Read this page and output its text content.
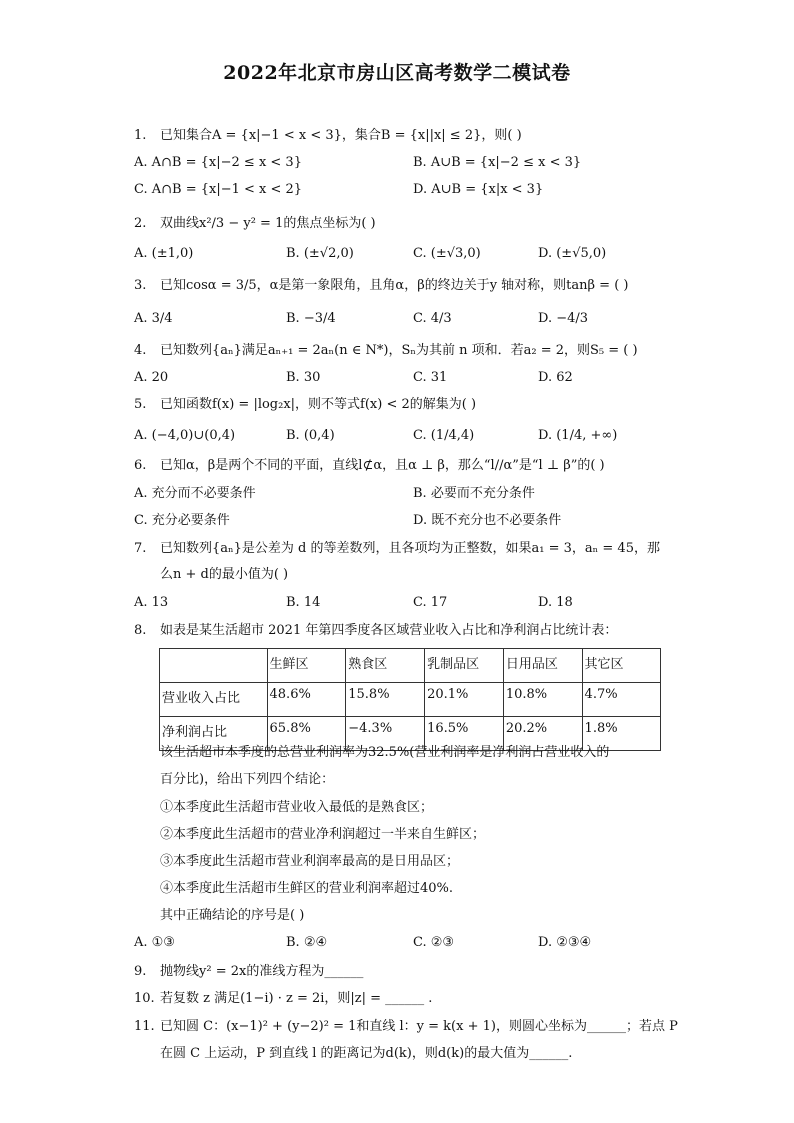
2022年北京市房山区高考数学二模试卷
1. 已知集合A = {x|−1 < x < 3}，集合B = {x||x| ≤ 2}，则( )
A. A∩B = {x|−2 ≤ x < 3}	B. A∪B = {x|−2 ≤ x < 3}
C. A∩B = {x|−1 < x < 2}	D. A∪B = {x|x < 3}
2. 双曲线x²/3 − y² = 1的焦点坐标为( )
A. (±1,0)	B. (±√2,0)	C. (±√3,0)	D. (±√5,0)
3. 已知cosα = 3/5，α是第一象限角，且角α，β的终边关于y 轴对称，则tanβ = ( )
A. 3/4	B. −3/4	C. 4/3	D. −4/3
4. 已知数列{aₙ}满足aₙ₊₁ = 2aₙ(n ∈ N*)，Sₙ为其前 n 项和．若a₂ = 2，则S₅ = ( )
A. 20	B. 30	C. 31	D. 62
5. 已知函数f(x) = |log₂x|，则不等式f(x) < 2的解集为( )
A. (−4,0)∪(0,4)	B. (0,4)	C. (1/4,4)	D. (1/4, +∞)
6. 已知α，β是两个不同的平面，直线l⊄α，且α ⊥ β，那么“l//α”是“l ⊥ β”的( )
A. 充分而不必要条件	B. 必要而不充分条件
C. 充分必要条件	D. 既不充分也不必要条件
7. 已知数列{aₙ}是公差为 d 的等差数列，且各项均为正整数，如果a₁ = 3，aₙ = 45，那
么n + d的最小值为( )
A. 13	B. 14	C. 17	D. 18
8. 如表是某生活超市 2021 年第四季度各区域营业收入占比和净利润占比统计表：
	生鲜区	熟食区	乳制品区	日用品区	其它区
营业收入占比	48.6%	15.8%	20.1%	10.8%	4.7%
净利润占比	65.8%	−4.3%	16.5%	20.2%	1.8%
该生活超市本季度的总营业利润率为32.5%(营业利润率是净利润占营业收入的
百分比)，给出下列四个结论：
①本季度此生活超市营业收入最低的是熟食区；
②本季度此生活超市的营业净利润超过一半来自生鲜区；
③本季度此生活超市营业利润率最高的是日用品区；
④本季度此生活超市生鲜区的营业利润率超过40%.
其中正确结论的序号是( )
A. ①③	B. ②④	C. ②③	D. ②③④
9. 抛物线y² = 2x的准线方程为______
10. 若复数 z 满足(1−i) · z = 2i，则|z| = ______ .
11. 已知圆 C：(x−1)² + (y−2)² = 1和直线 l：y = k(x + 1)，则圆心坐标为______；若点 P
在圆 C 上运动，P 到直线 l 的距离记为d(k)，则d(k)的最大值为______.
